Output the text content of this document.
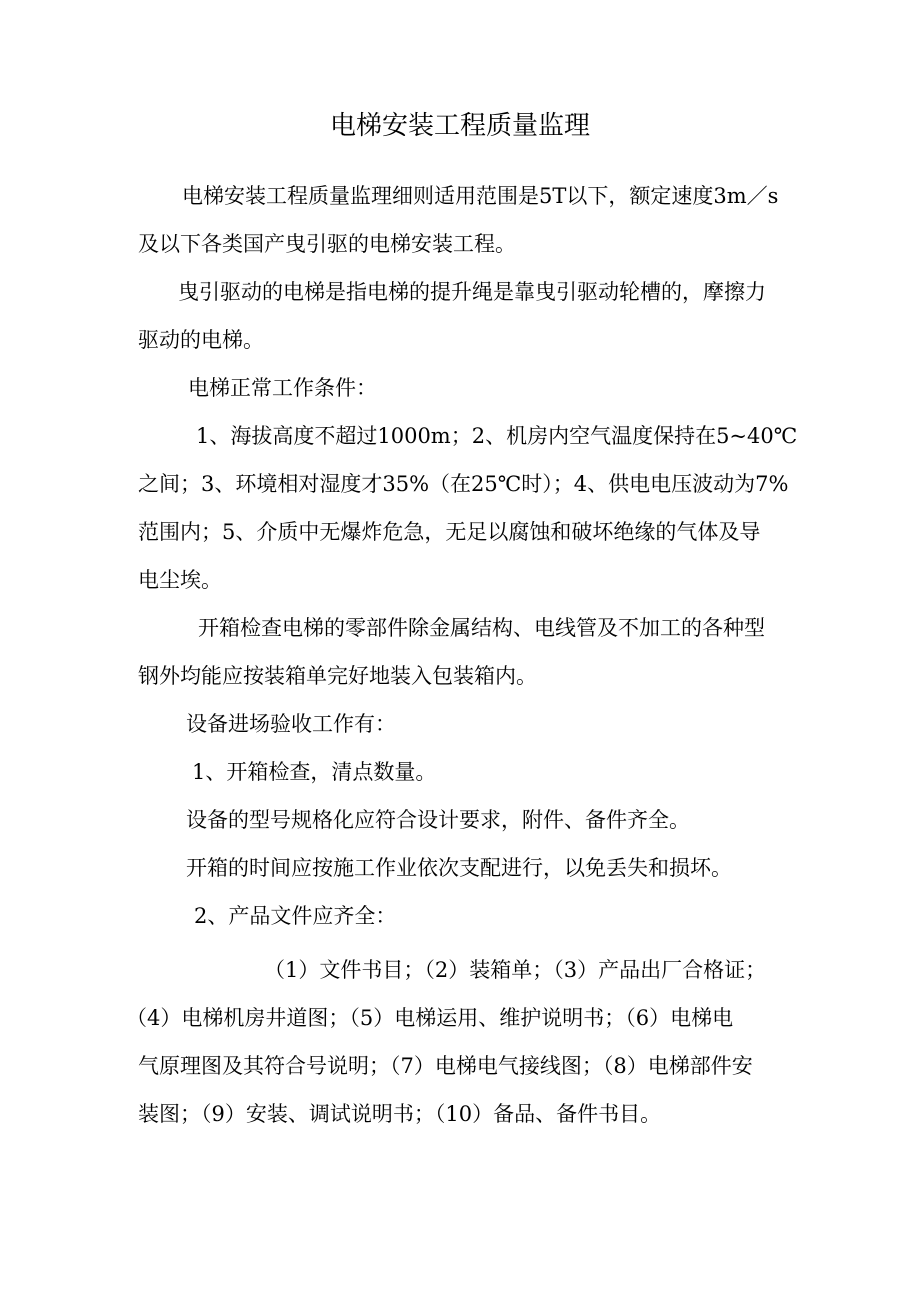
电梯安装工程质量监理
电梯安装工程质量监理细则适用范围是5T以下，额定速度3m／s
及以下各类国产曳引驱的电梯安装工程。
曳引驱动的电梯是指电梯的提升绳是靠曳引驱动轮槽的，摩擦力
驱动的电梯。
电梯正常工作条件：
1、海拔高度不超过1000m；2、机房内空气温度保持在5~40℃
之间；3、环境相对湿度才35%（在25℃时）；4、供电电压波动为7%
范围内；5、介质中无爆炸危急，无足以腐蚀和破坏绝缘的气体及导
电尘埃。
开箱检查电梯的零部件除金属结构、电线管及不加工的各种型
钢外均能应按装箱单完好地装入包装箱内。
设备进场验收工作有：
1、开箱检查，清点数量。
设备的型号规格化应符合设计要求，附件、备件齐全。
开箱的时间应按施工作业依次支配进行，以免丢失和损坏。
2、产品文件应齐全：
（1）文件书目；（2）装箱单；（3）产品出厂合格证；
（4）电梯机房井道图；（5）电梯运用、维护说明书；（6）电梯电
气原理图及其符合号说明；（7）电梯电气接线图；（8）电梯部件安
装图；（9）安装、调试说明书；（10）备品、备件书目。
